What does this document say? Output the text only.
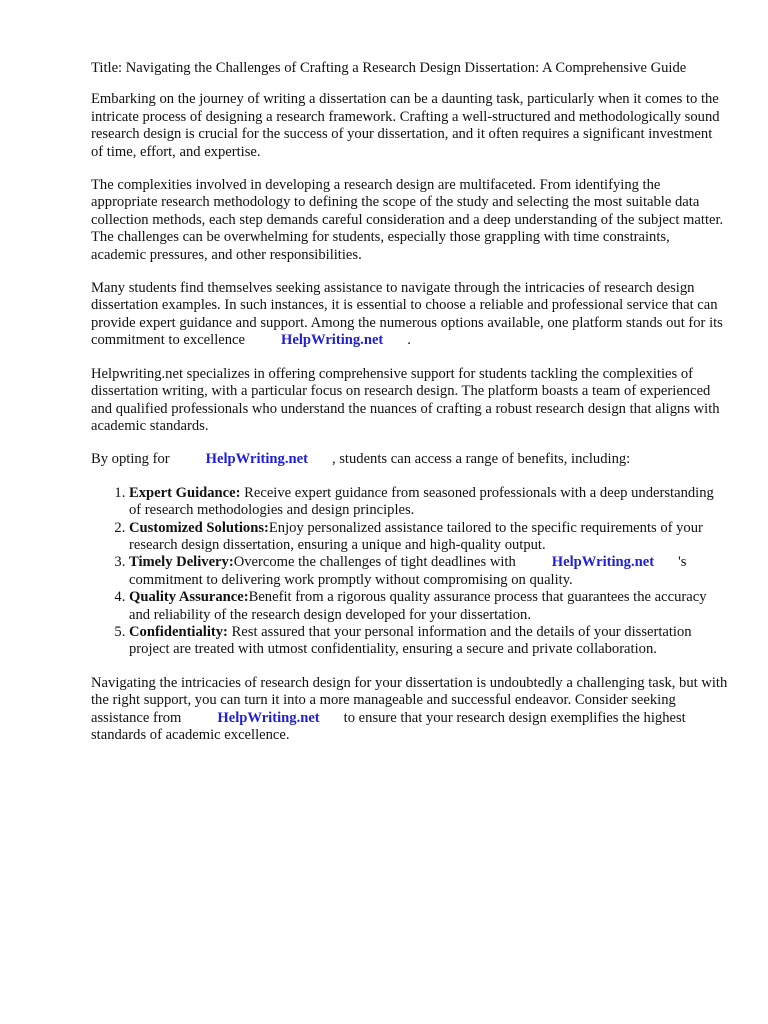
Title: Navigating the Challenges of Crafting a Research Design Dissertation: A Comprehensive Guide

Embarking on the journey of writing a dissertation can be a daunting task, particularly when it comes to the intricate process of designing a research framework. Crafting a well-structured and methodologically sound research design is crucial for the success of your dissertation, and it often requires a significant investment of time, effort, and expertise.

The complexities involved in developing a research design are multifaceted. From identifying the appropriate research methodology to defining the scope of the study and selecting the most suitable data collection methods, each step demands careful consideration and a deep understanding of the subject matter. The challenges can be overwhelming for students, especially those grappling with time constraints, academic pressures, and other responsibilities.

Many students find themselves seeking assistance to navigate through the intricacies of research design dissertation examples. In such instances, it is essential to choose a reliable and professional service that can provide expert guidance and support. Among the numerous options available, one platform stands out for its commitment to excellence HelpWriting.net .

Helpwriting.net specializes in offering comprehensive support for students tackling the complexities of dissertation writing, with a particular focus on research design. The platform boasts a team of experienced and qualified professionals who understand the nuances of crafting a robust research design that aligns with academic standards.

By opting for HelpWriting.net , students can access a range of benefits, including:

1. Expert Guidance: Receive expert guidance from seasoned professionals with a deep understanding of research methodologies and design principles.
2. Customized Solutions:Enjoy personalized assistance tailored to the specific requirements of your research design dissertation, ensuring a unique and high-quality output.
3. Timely Delivery:Overcome the challenges of tight deadlines with HelpWriting.net 's commitment to delivering work promptly without compromising on quality.
4. Quality Assurance:Benefit from a rigorous quality assurance process that guarantees the accuracy and reliability of the research design developed for your dissertation.
5. Confidentiality: Rest assured that your personal information and the details of your dissertation project are treated with utmost confidentiality, ensuring a secure and private collaboration.

Navigating the intricacies of research design for your dissertation is undoubtedly a challenging task, but with the right support, you can turn it into a more manageable and successful endeavor. Consider seeking assistance from HelpWriting.net to ensure that your research design exemplifies the highest standards of academic excellence.
